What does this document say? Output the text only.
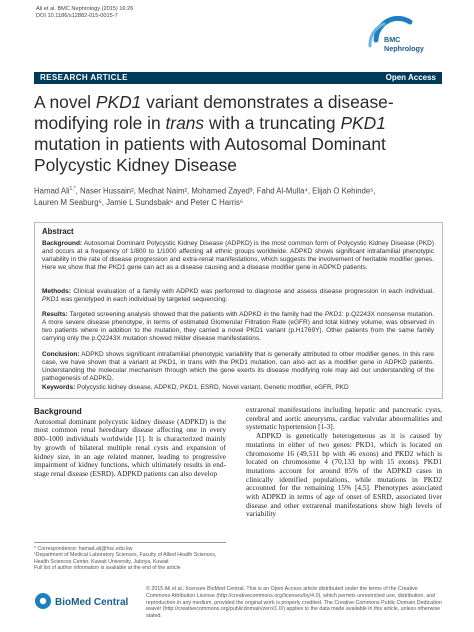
Ali et al. BMC Nephrology (2015) 16:26
DOI 10.1186/s12882-015-0015-7
BMC
Nephrology
RESEARCH ARTICLE	Open Access
A novel PKD1 variant demonstrates a disease-modifying role in trans with a truncating PKD1 mutation in patients with Autosomal Dominant Polycystic Kidney Disease
Hamad Ali$^{1,*}$, Naser Hussain², Medhat Naim², Mohamed Zayed³, Fahd Al-Mulla⁴, Elijah O Kehinde⁵,
Lauren M Seaburg⁶, Jamie L Sundsbak⁶ and Peter C Harris⁶
Abstract
Background: Autosomal Dominant Polycystic Kidney Disease (ADPKD) is the most common form of Polycystic Kidney Disease (PKD) and occurs at a frequency of 1/800 to 1/1000 affecting all ethnic groups worldwide. ADPKD shows significant intrafamilial phenotypic variability in the rate of disease progression and extra-renal manifestations, which suggests the involvement of heritable modifier genes. Here we show that the PKD1 gene can act as a disease causing and a disease modifier gene in ADPKD patients.
Methods: Clinical evaluation of a family with ADPKD was performed to diagnose and assess disease progression in each individual. PKD1 was genotyped in each individual by targeted sequencing.
Results: Targeted screening analysis showed that the patients with ADPKD in the family had the PKD1: p.Q2243X nonsense mutation. A more severe disease phenotype, in terms of estimated Glomerular Filtration Rate (eGFR) and total kidney volume, was observed in two patients where in addition to the mutation, they carried a novel PKD1 variant (p.H1769Y). Other patients from the same family carrying only the p.Q2243X mutation showed milder disease manifestations.
Conclusion: ADPKD shows significant intrafamilial phenotypic variability that is generally attributed to other modifier genes. In this rare case, we have shown that a variant at PKD1, in trans with the PKD1 mutation, can also act as a modifier gene in ADPKD patients. Understanding the molecular mechanism through which the gene exerts its disease modifying role may aid our understanding of the pathogenesis of ADPKD.
Keywords: Polycystic kidney disease, ADPKD, PKD1, ESRD, Novel variant, Genetic modifier, eGFR, PKD
Background
Autosomal dominant polycystic kidney disease (ADPKD) is the most common renal hereditary disease affecting one in every 800–1000 individuals worldwide [1]. It is characterized mainly by growth of bilateral multiple renal cysts and expansion of kidney size, in an age related manner, leading to progressive impairment of kidney functions, which ultimately results in end-stage renal disease (ESRD). ADPKD patients can also develop
extrarenal manifestations including hepatic and pancreatic cysts, cerebral and aortic aneurysms, cardiac valvular abnormalities and systematic hypertension [1-3].
ADPKD is genetically heterogeneous as it is caused by mutations in either of two genes: PKD1, which is located on chromosome 16 (49,511 bp with 46 exons) and PKD2 which is located on chromosome 4 (70,133 bp with 15 exons). PKD1 mutations account for around 85% of the ADPKD cases in clinically identified populations, while mutations in PKD2 accounted for the remaining 15% [4,5]. Phenotypes associated with ADPKD in terms of age of onset of ESRD, associated liver disease and other extrarenal manifestations show high levels of variability
* Correspondence: hamad.ali@hsc.edu.kw
¹Department of Medical Laboratory Sciences, Faculty of Allied Health Sciences, Health Sciences Center, Kuwait University, Jabriya, Kuwait
Full list of author information is available at the end of the article
BioMed Central
© 2015 Ali et al.; licensee BioMed Central. This is an Open Access article distributed under the terms of the Creative Commons Attribution License (http://creativecommons.org/licenses/by/4.0), which permits unrestricted use, distribution, and reproduction in any medium, provided the original work is properly credited. The Creative Commons Public Domain Dedication waiver (http://creativecommons.org/publicdomain/zero/1.0/) applies to the data made available in this article, unless otherwise stated.
